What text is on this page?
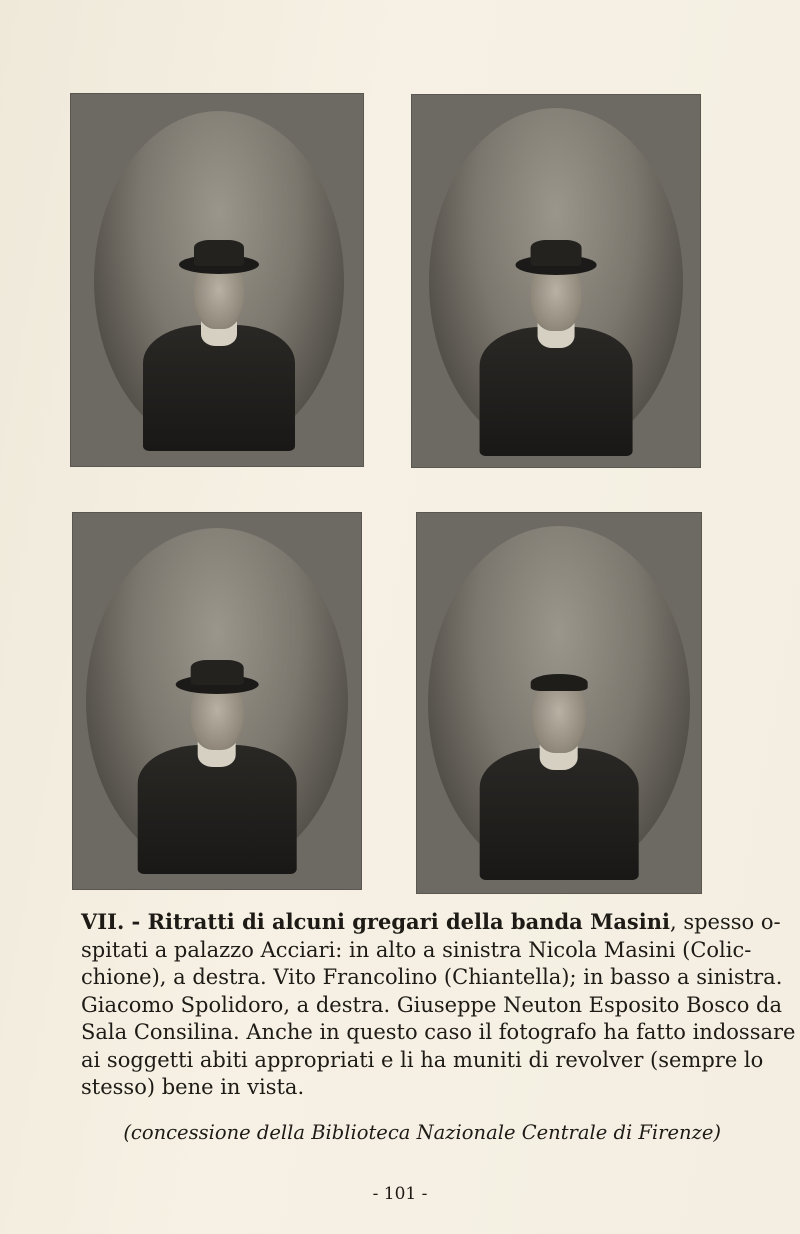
VII. - Ritratti di alcuni gregari della banda Masini, spesso o-
spitati a palazzo Acciari: in alto a sinistra Nicola Masini (Colic-
chione), a destra. Vito Francolino (Chiantella); in basso a sinistra.
Giacomo Spolidoro, a destra. Giuseppe Neuton Esposito Bosco da
Sala Consilina. Anche in questo caso il fotografo ha fatto indossare
ai soggetti abiti appropriati e li ha muniti di revolver (sempre lo
stesso) bene in vista.
(concessione della Biblioteca Nazionale Centrale di Firenze)
- 101 -
